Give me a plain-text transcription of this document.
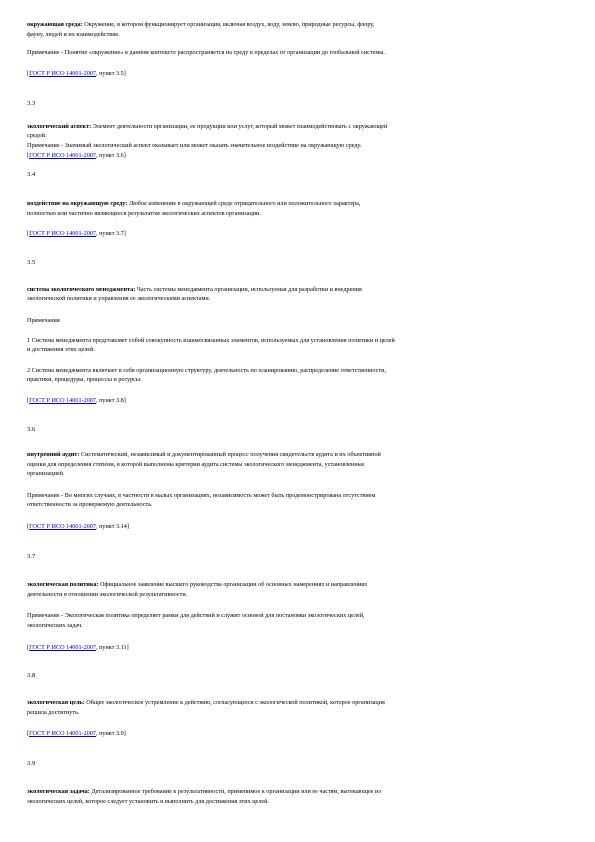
окружающая среда: Окружение, в котором функционирует организация, включая воздух, воду, землю, природные ресурсы, флору,
фауну, людей и их взаимодействие.
Примечание - Понятие «окружение» в данном контексте распространяется на среду в пределах от организации до глобальной системы.
[ГОСТ Р ИСО 14001-2007, пункт 3.5]
3.3
экологический аспект: Элемент деятельности организации, ее продукции или услуг, который может взаимодействовать с окружающей
средой.
Примечание - Значимый экологический аспект оказывает или может оказать значительное воздействие на окружающую среду.
[ГОСТ Р ИСО 14001-2007, пункт 3.6]
3.4
воздействие на окружающую среду: Любое изменение в окружающей среде отрицательного или положительного характера,
полностью или частично являющееся результатом экологических аспектов организации.
[ГОСТ Р ИСО 14001-2007, пункт 3.7]
3.5
система экологического менеджмента: Часть системы менеджмента организации, используемая для разработки и внедрения
экологической политики и управления ее экологическими аспектами.
Примечания
1 Система менеджмента представляет собой совокупность взаимосвязанных элементов, используемых для установления политики и целей
и достижения этих целей.
2 Система менеджмента включает в себя организационную структуру, деятельность по планированию, распределение ответственности,
практики, процедуры, процессы и ресурсы.
[ГОСТ Р ИСО 14001-2007, пункт 3.8]
3.6
внутренний аудит: Систематический, независимый и документированный процесс получения свидетельств аудита и их объективной
оценки для определения степени, в которой выполнены критерии аудита системы экологического менеджмента, установленные
организацией.
Примечание - Во многих случаях, в частности в малых организациях, независимость может быть продемонстрирована отсутствием
ответственности за проверяемую деятельность.
[ГОСТ Р ИСО 14001-2007, пункт 3.14]
3.7
экологическая политика: Официальное заявление высшего руководства организации об основных намерениях и направлениях
деятельности в отношении экологической результативности.
Примечание - Экологическая политика определяет рамки для действий и служит основой для постановки экологических целей,
экологических задач.
[ГОСТ Р ИСО 14001-2007, пункт 3.11]
3.8
экологическая цель: Общее экологическое устремление к действию, согласующееся с экологической политикой, которое организация
решила достигнуть.
[ГОСТ Р ИСО 14001-2007, пункт 3.9]
3.9
экологическая задача: Детализированное требование к результативности, применимое к организации или ее частям, вытекающее из
экологических целей, которое следует установить и выполнить для достижения этих целей.
